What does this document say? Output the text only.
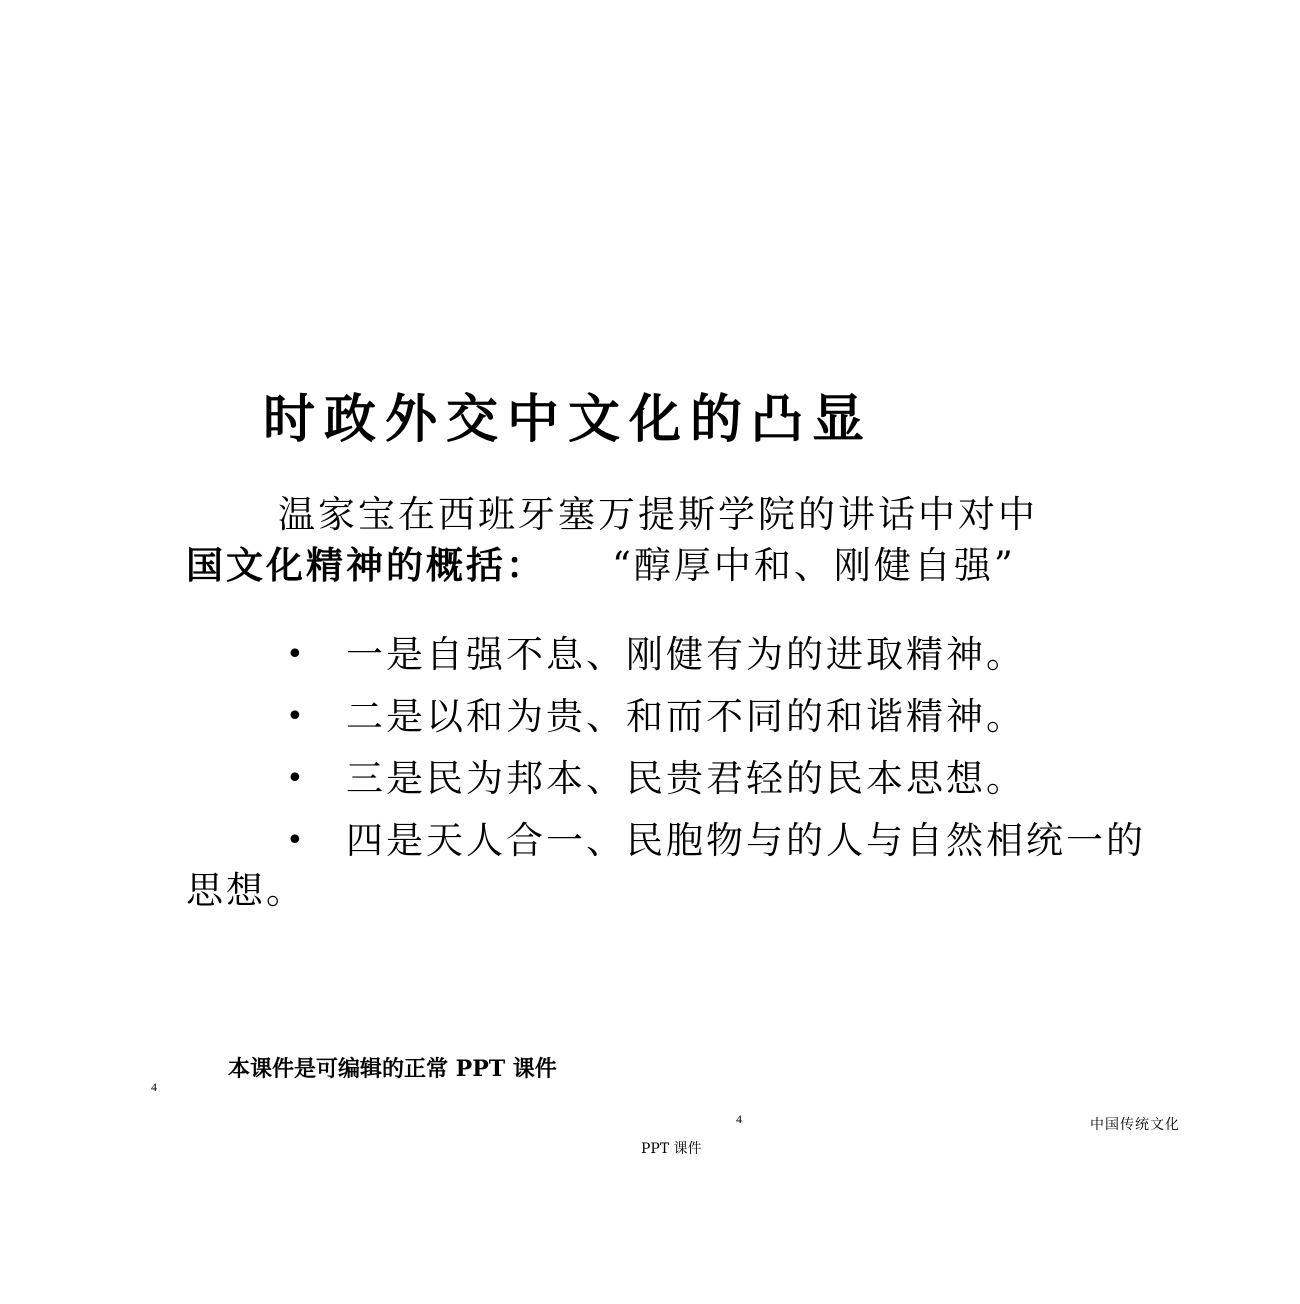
时政外交中文化的凸显
温家宝在西班牙塞万提斯学院的讲话中对中
国文化精神的概括： “醇厚中和、刚健自强”
• 一是自强不息、刚健有为的进取精神。
• 二是以和为贵、和而不同的和谐精神。
• 三是民为邦本、民贵君轻的民本思想。
•	四是天人合一、民胞物与的人与自然相统一的
思想。
本课件是可编辑的正常 PPT 课件
4
4	中国传统文化
PPT 课件
